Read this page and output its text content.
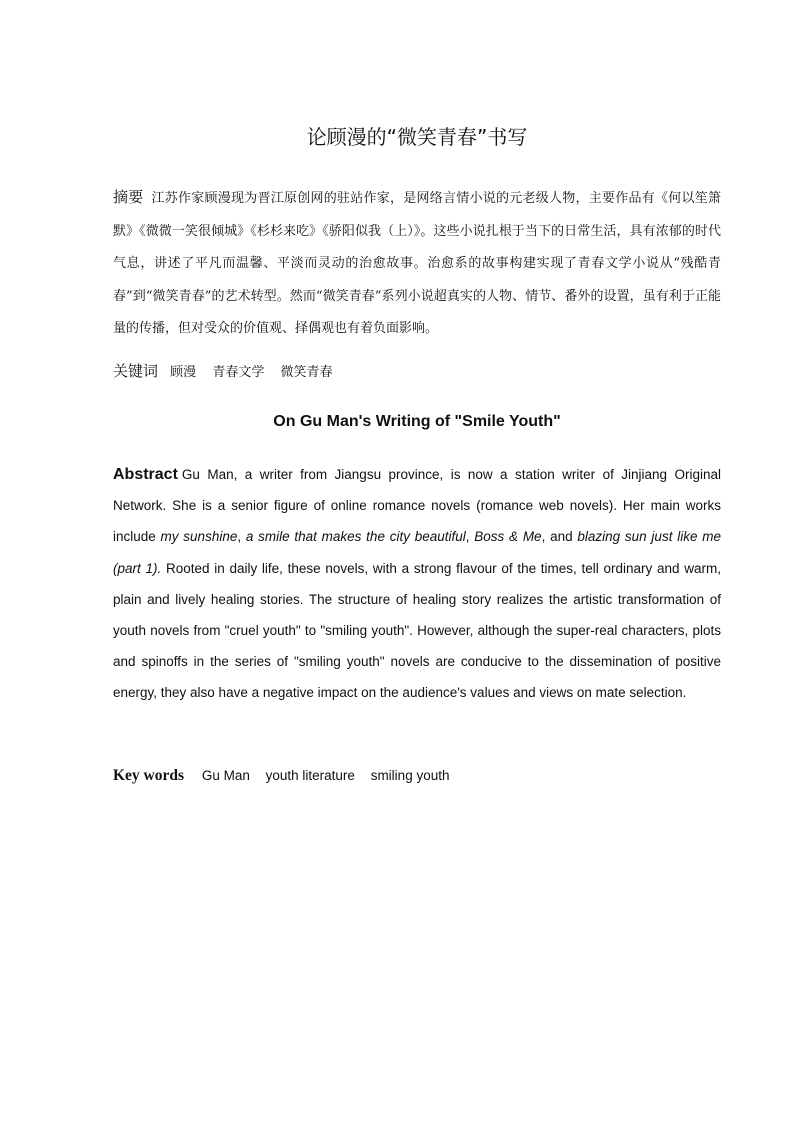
论顾漫的“微笑青春”书写
摘要 江苏作家顾漫现为晋江原创网的驻站作家，是网络言情小说的元老级人物，主要作品有《何以笙箫默》《微微一笑很倾城》《杉杉来吃》《骄阳似我（上）》。这些小说扎根于当下的日常生活，具有浓郁的时代气息，讲述了平凡而温馨、平淡而灵动的治愈故事。治愈系的故事构建实现了青春文学小说从“残酷青春”到“微笑青春”的艺术转型。然而“微笑青春”系列小说超真实的人物、情节、番外的设置，虽有利于正能量的传播，但对受众的价值观、择偶观也有着负面影响。
关键词 顾漫 青春文学 微笑青春
On Gu Man's Writing of "Smile Youth"
Abstract Gu Man, a writer from Jiangsu province, is now a station writer of Jinjiang Original Network. She is a senior figure of online romance novels (romance web novels). Her main works include my sunshine, a smile that makes the city beautiful, Boss & Me, and blazing sun just like me (part 1). Rooted in daily life, these novels, with a strong flavour of the times, tell ordinary and warm, plain and lively healing stories. The structure of healing story realizes the artistic transformation of youth novels from "cruel youth" to "smiling youth". However, although the super-real characters, plots and spinoffs in the series of "smiling youth" novels are conducive to the dissemination of positive energy, they also have a negative impact on the audience's values and views on mate selection.
Key words Gu Man youth literature smiling youth
